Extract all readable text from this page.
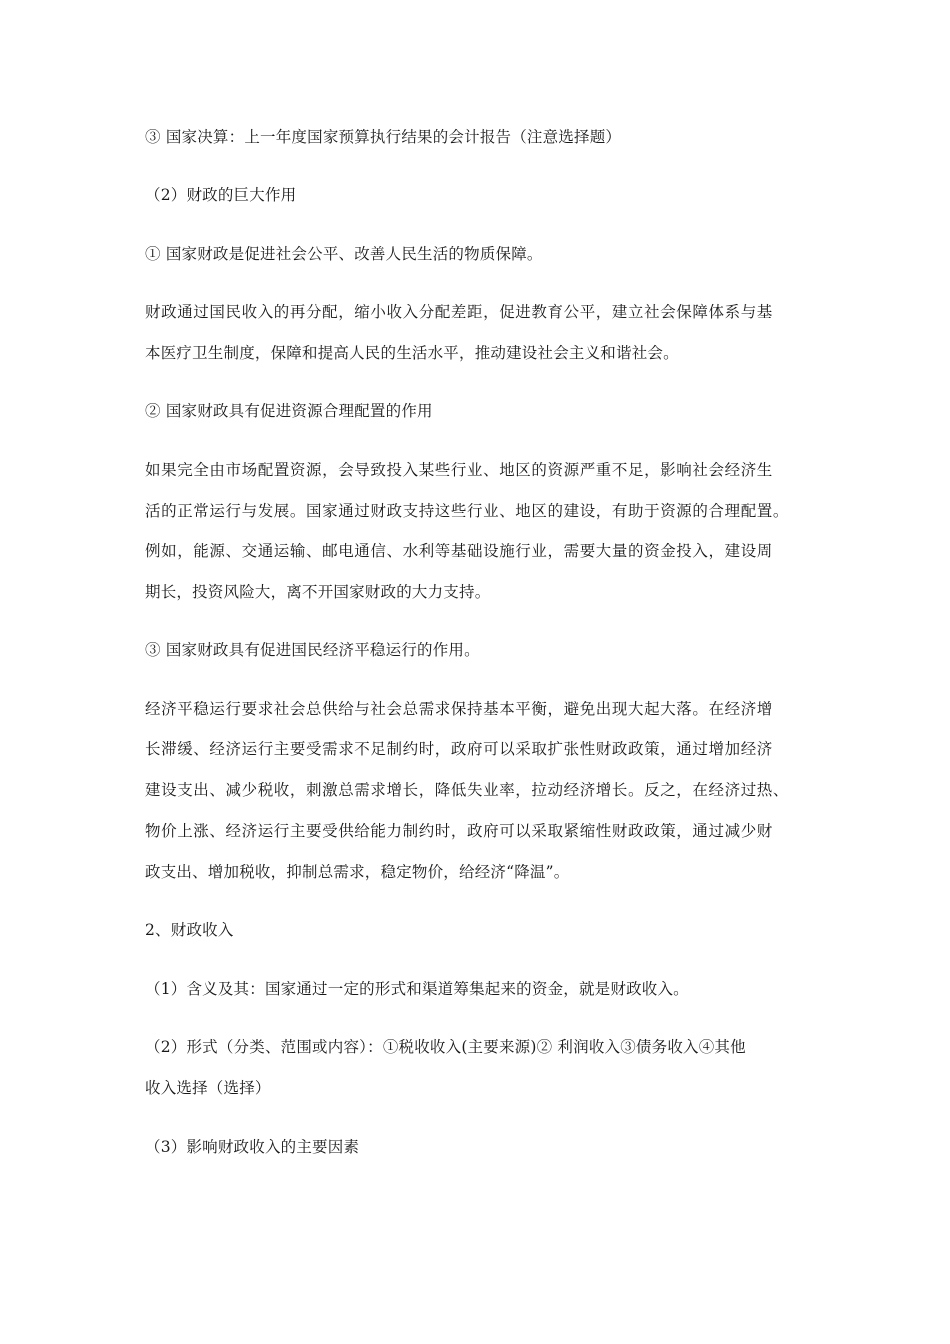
③ 国家决算：上一年度国家预算执行结果的会计报告（注意选择题）
（2）财政的巨大作用
① 国家财政是促进社会公平、改善人民生活的物质保障。
财政通过国民收入的再分配，缩小收入分配差距，促进教育公平，建立社会保障体系与基
本医疗卫生制度，保障和提高人民的生活水平，推动建设社会主义和谐社会。
② 国家财政具有促进资源合理配置的作用
如果完全由市场配置资源，会导致投入某些行业、地区的资源严重不足，影响社会经济生
活的正常运行与发展。国家通过财政支持这些行业、地区的建设，有助于资源的合理配置。
例如，能源、交通运输、邮电通信、水利等基础设施行业，需要大量的资金投入，建设周
期长，投资风险大，离不开国家财政的大力支持。
③ 国家财政具有促进国民经济平稳运行的作用。
经济平稳运行要求社会总供给与社会总需求保持基本平衡，避免出现大起大落。在经济增
长滞缓、经济运行主要受需求不足制约时，政府可以采取扩张性财政政策，通过增加经济
建设支出、减少税收，刺激总需求增长，降低失业率，拉动经济增长。反之，在经济过热、
物价上涨、经济运行主要受供给能力制约时，政府可以采取紧缩性财政政策，通过减少财
政支出、增加税收，抑制总需求，稳定物价，给经济“降温”。
2、财政收入
（1）含义及其：国家通过一定的形式和渠道筹集起来的资金，就是财政收入。
（2）形式（分类、范围或内容）：①税收收入(主要来源)② 利润收入③债务收入④其他
收入选择（选择）
（3）影响财政收入的主要因素
